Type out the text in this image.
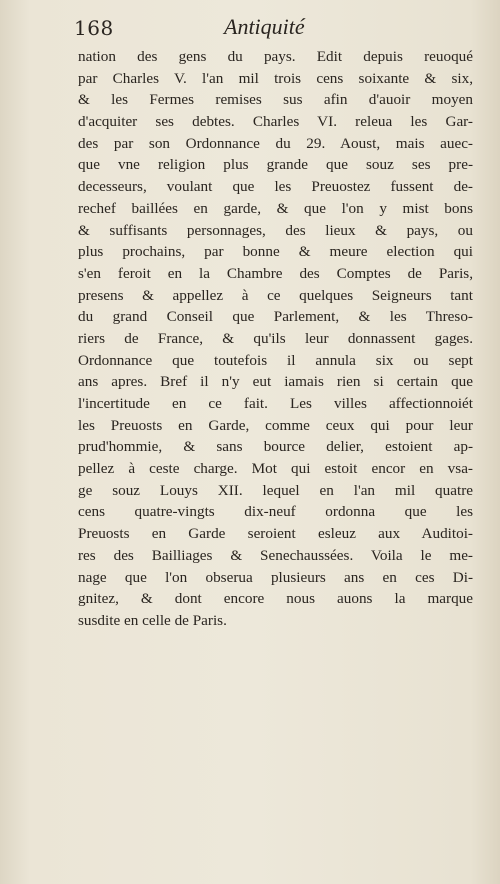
168	Antiquité
nation des gens du pays. Edit depuis reuoqué
par Charles V. l'an mil trois cens soixante & six,
& les Fermes remises sus afin d'auoir moyen
d'acquiter ses debtes. Charles VI. releua les Gar-
des par son Ordonnance du 29. Aoust, mais auec-
que vne religion plus grande que souz ses pre-
decesseurs, voulant que les Preuostez fussent de-
rechef baillées en garde, & que l'on y mist bons
& suffisants personnages, des lieux & pays, ou
plus prochains, par bonne & meure election qui
s'en feroit en la Chambre des Comptes de Paris,
presens & appellez à ce quelques Seigneurs tant
du grand Conseil que Parlement, & les Threso-
riers de France, & qu'ils leur donnassent gages.
Ordonnance que toutefois il annula six ou sept
ans apres. Bref il n'y eut iamais rien si certain que
l'incertitude en ce fait. Les villes affectionnoiét
les Preuosts en Garde, comme ceux qui pour leur
prud'hommie, & sans bource delier, estoient ap-
pellez à ceste charge. Mot qui estoit encor en vsa-
ge souz Louys XII. lequel en l'an mil quatre
cens quatre-vingts dix-neuf ordonna que les
Preuosts en Garde seroient esleuz aux Auditoi-
res des Bailliages & Senechaussées. Voila le me-
nage que l'on obserua plusieurs ans en ces Di-
gnitez, & dont encore nous auons la marque
susdite en celle de Paris.
